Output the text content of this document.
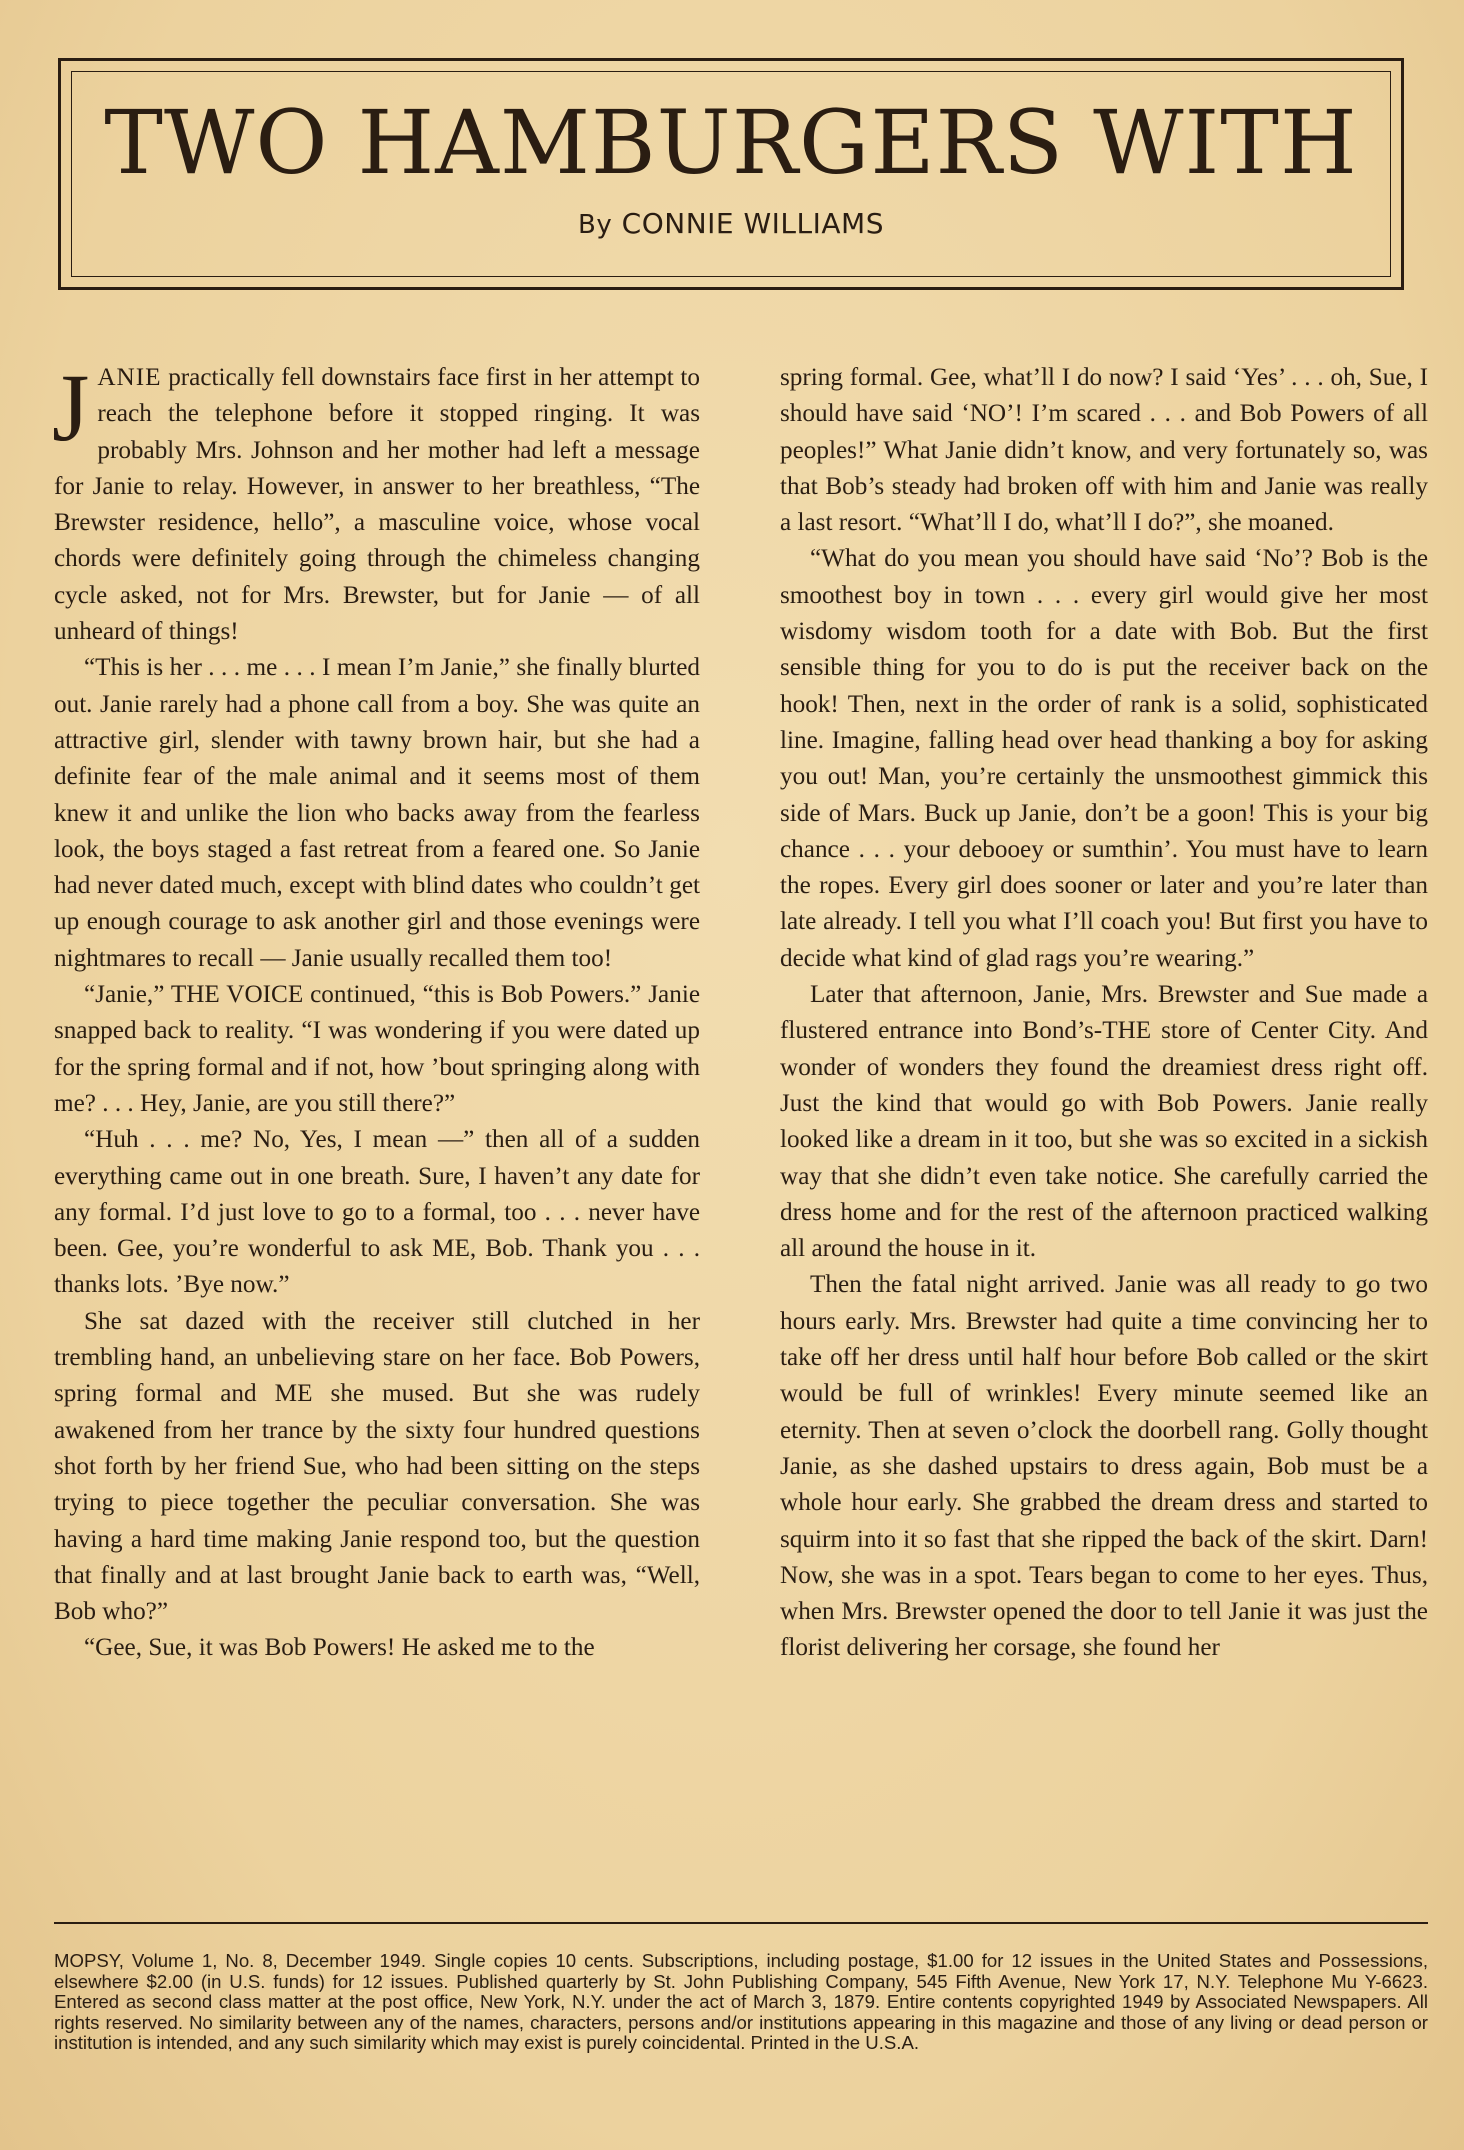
TWO HAMBURGERS WITH
By CONNIE WILLIAMS

JANIE practically fell downstairs face first in her attempt to reach the telephone before it stopped ringing. It was probably Mrs. Johnson and her mother had left a message for Janie to relay. However, in answer to her breathless, “The Brewster residence, hello”, a masculine voice, whose vocal chords were definitely going through the chimeless changing cycle asked, not for Mrs. Brewster, but for Janie — of all unheard of things!

“This is her . . . me . . . I mean I’m Janie,” she finally blurted out. Janie rarely had a phone call from a boy. She was quite an attractive girl, slender with tawny brown hair, but she had a definite fear of the male animal and it seems most of them knew it and unlike the lion who backs away from the fearless look, the boys staged a fast retreat from a feared one. So Janie had never dated much, except with blind dates who couldn’t get up enough courage to ask another girl and those evenings were nightmares to recall — Janie usually recalled them too!

“Janie,” THE VOICE continued, “this is Bob Powers.” Janie snapped back to reality. “I was wondering if you were dated up for the spring formal and if not, how ’bout springing along with me? . . . Hey, Janie, are you still there?”

“Huh . . . me? No, Yes, I mean —” then all of a sudden everything came out in one breath. Sure, I haven’t any date for any formal. I’d just love to go to a formal, too . . . never have been. Gee, you’re wonderful to ask ME, Bob. Thank you . . . thanks lots. ’Bye now.”

She sat dazed with the receiver still clutched in her trembling hand, an unbelieving stare on her face. Bob Powers, spring formal and ME she mused. But she was rudely awakened from her trance by the sixty four hundred questions shot forth by her friend Sue, who had been sitting on the steps trying to piece together the peculiar conversation. She was having a hard time making Janie respond too, but the question that finally and at last brought Janie back to earth was, “Well, Bob who?”

“Gee, Sue, it was Bob Powers! He asked me to the

spring formal. Gee, what’ll I do now? I said ‘Yes’ . . . oh, Sue, I should have said ‘NO’! I’m scared . . . and Bob Powers of all peoples!” What Janie didn’t know, and very fortunately so, was that Bob’s steady had broken off with him and Janie was really a last resort. “What’ll I do, what’ll I do?”, she moaned.

“What do you mean you should have said ‘No’? Bob is the smoothest boy in town . . . every girl would give her most wisdomy wisdom tooth for a date with Bob. But the first sensible thing for you to do is put the receiver back on the hook! Then, next in the order of rank is a solid, sophisticated line. Imagine, falling head over head thanking a boy for asking you out! Man, you’re certainly the unsmoothest gimmick this side of Mars. Buck up Janie, don’t be a goon! This is your big chance . . . your debooey or sumthin’. You must have to learn the ropes. Every girl does sooner or later and you’re later than late already. I tell you what I’ll coach you! But first you have to decide what kind of glad rags you’re wearing.”

Later that afternoon, Janie, Mrs. Brewster and Sue made a flustered entrance into Bond’s-THE store of Center City. And wonder of wonders they found the dreamiest dress right off. Just the kind that would go with Bob Powers. Janie really looked like a dream in it too, but she was so excited in a sickish way that she didn’t even take notice. She carefully carried the dress home and for the rest of the afternoon practiced walking all around the house in it.

Then the fatal night arrived. Janie was all ready to go two hours early. Mrs. Brewster had quite a time convincing her to take off her dress until half hour before Bob called or the skirt would be full of wrinkles! Every minute seemed like an eternity. Then at seven o’clock the doorbell rang. Golly thought Janie, as she dashed upstairs to dress again, Bob must be a whole hour early. She grabbed the dream dress and started to squirm into it so fast that she ripped the back of the skirt. Darn! Now, she was in a spot. Tears began to come to her eyes. Thus, when Mrs. Brewster opened the door to tell Janie it was just the florist delivering her corsage, she found her

MOPSY, Volume 1, No. 8, December 1949. Single copies 10 cents. Subscriptions, including postage, $1.00 for 12 issues in the United States and Possessions, elsewhere $2.00 (in U.S. funds) for 12 issues. Published quarterly by St. John Publishing Company, 545 Fifth Avenue, New York 17, N.Y. Telephone Mu Y-6623. Entered as second class matter at the post office, New York, N.Y. under the act of March 3, 1879. Entire contents copyrighted 1949 by Associated Newspapers. All rights reserved. No similarity between any of the names, characters, persons and/or institutions appearing in this magazine and those of any living or dead person or institution is intended, and any such similarity which may exist is purely coincidental. Printed in the U.S.A.
